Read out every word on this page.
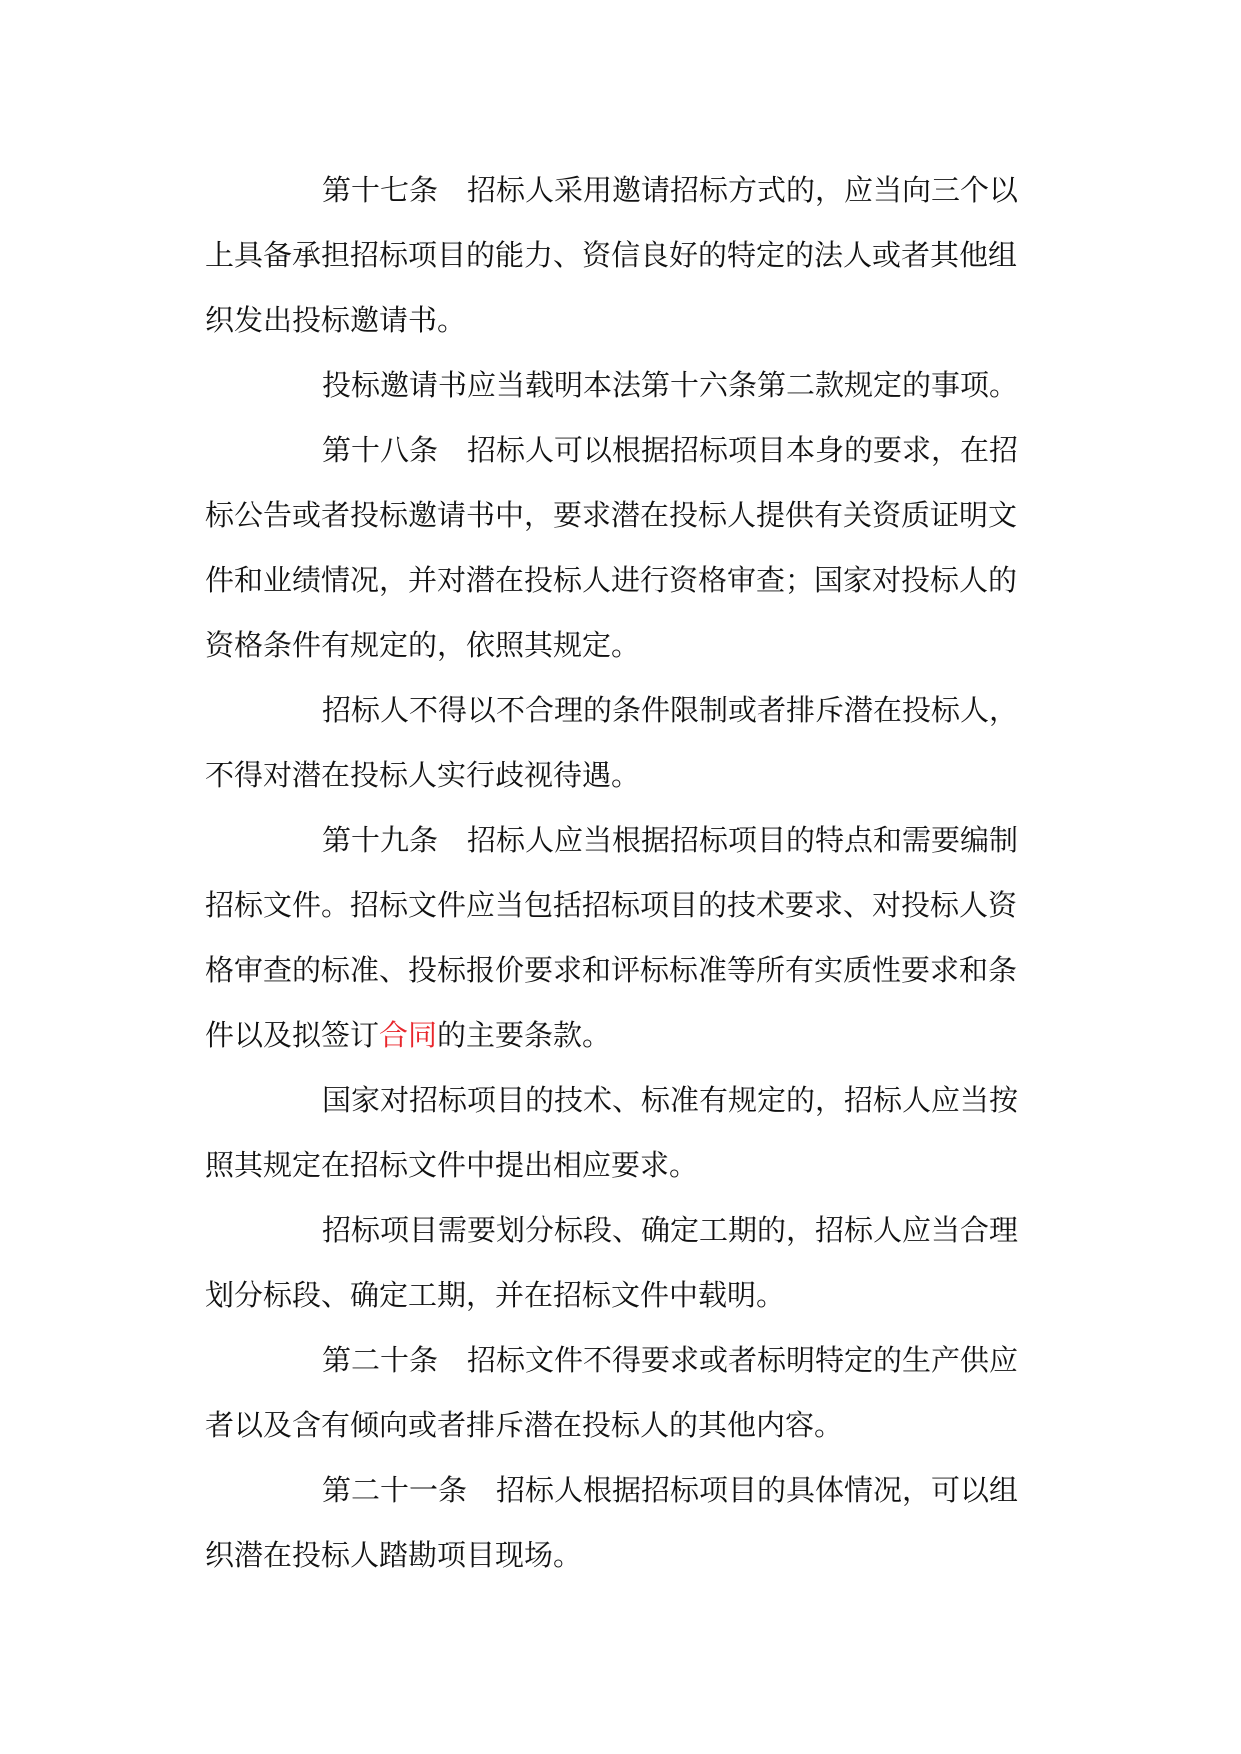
第十七条 招标人采用邀请招标方式的，应当向三个以

上具备承担招标项目的能力、资信良好的特定的法人或者其他组

织发出投标邀请书。

投标邀请书应当载明本法第十六条第二款规定的事项。

第十八条 招标人可以根据招标项目本身的要求，在招

标公告或者投标邀请书中，要求潜在投标人提供有关资质证明文

件和业绩情况，并对潜在投标人进行资格审查；国家对投标人的

资格条件有规定的，依照其规定。

招标人不得以不合理的条件限制或者排斥潜在投标人，

不得对潜在投标人实行歧视待遇。

第十九条 招标人应当根据招标项目的特点和需要编制

招标文件。招标文件应当包括招标项目的技术要求、对投标人资

格审查的标准、投标报价要求和评标标准等所有实质性要求和条

件以及拟签订合同的主要条款。

国家对招标项目的技术、标准有规定的，招标人应当按

照其规定在招标文件中提出相应要求。

招标项目需要划分标段、确定工期的，招标人应当合理

划分标段、确定工期，并在招标文件中载明。

第二十条 招标文件不得要求或者标明特定的生产供应

者以及含有倾向或者排斥潜在投标人的其他内容。

第二十一条 招标人根据招标项目的具体情况，可以组

织潜在投标人踏勘项目现场。
